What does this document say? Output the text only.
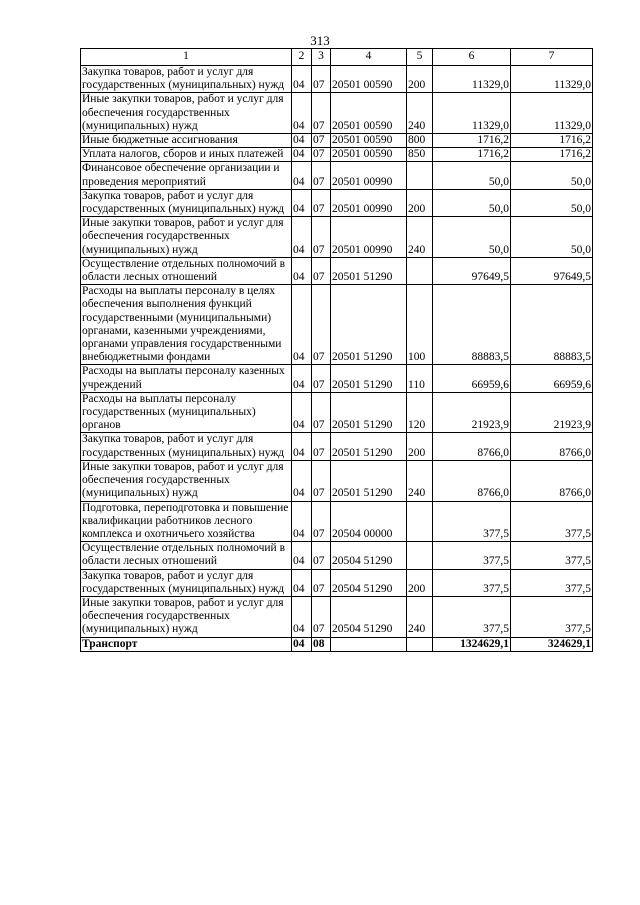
313
1	2	3	4	5	6	7
Закупка товаров, работ и услуг для государственных (муниципальных) нужд	04	07	20501 00590	200	11329,0	11329,0
Иные закупки товаров, работ и услуг для обеспечения государственных (муниципальных) нужд	04	07	20501 00590	240	11329,0	11329,0
Иные бюджетные ассигнования	04	07	20501 00590	800	1716,2	1716,2
Уплата налогов, сборов и иных платежей	04	07	20501 00590	850	1716,2	1716,2
Финансовое обеспечение организации и проведения мероприятий	04	07	20501 00990		50,0	50,0
Закупка товаров, работ и услуг для государственных (муниципальных) нужд	04	07	20501 00990	200	50,0	50,0
Иные закупки товаров, работ и услуг для обеспечения государственных (муниципальных) нужд	04	07	20501 00990	240	50,0	50,0
Осуществление отдельных полномочий в области лесных отношений	04	07	20501 51290		97649,5	97649,5
Расходы на выплаты персоналу в целях обеспечения выполнения функций государственными (муниципальными) органами, казенными учреждениями, органами управления государственными внебюджетными фондами	04	07	20501 51290	100	88883,5	88883,5
Расходы на выплаты персоналу казенных учреждений	04	07	20501 51290	110	66959,6	66959,6
Расходы на выплаты персоналу государственных (муниципальных) органов	04	07	20501 51290	120	21923,9	21923,9
Закупка товаров, работ и услуг для государственных (муниципальных) нужд	04	07	20501 51290	200	8766,0	8766,0
Иные закупки товаров, работ и услуг для обеспечения государственных (муниципальных) нужд	04	07	20501 51290	240	8766,0	8766,0
Подготовка, переподготовка и повышение квалификации работников лесного комплекса и охотничьего хозяйства	04	07	20504 00000		377,5	377,5
Осуществление отдельных полномочий в области лесных отношений	04	07	20504 51290		377,5	377,5
Закупка товаров, работ и услуг для государственных (муниципальных) нужд	04	07	20504 51290	200	377,5	377,5
Иные закупки товаров, работ и услуг для обеспечения государственных (муниципальных) нужд	04	07	20504 51290	240	377,5	377,5
Транспорт	04	08			1324629,1	324629,1
